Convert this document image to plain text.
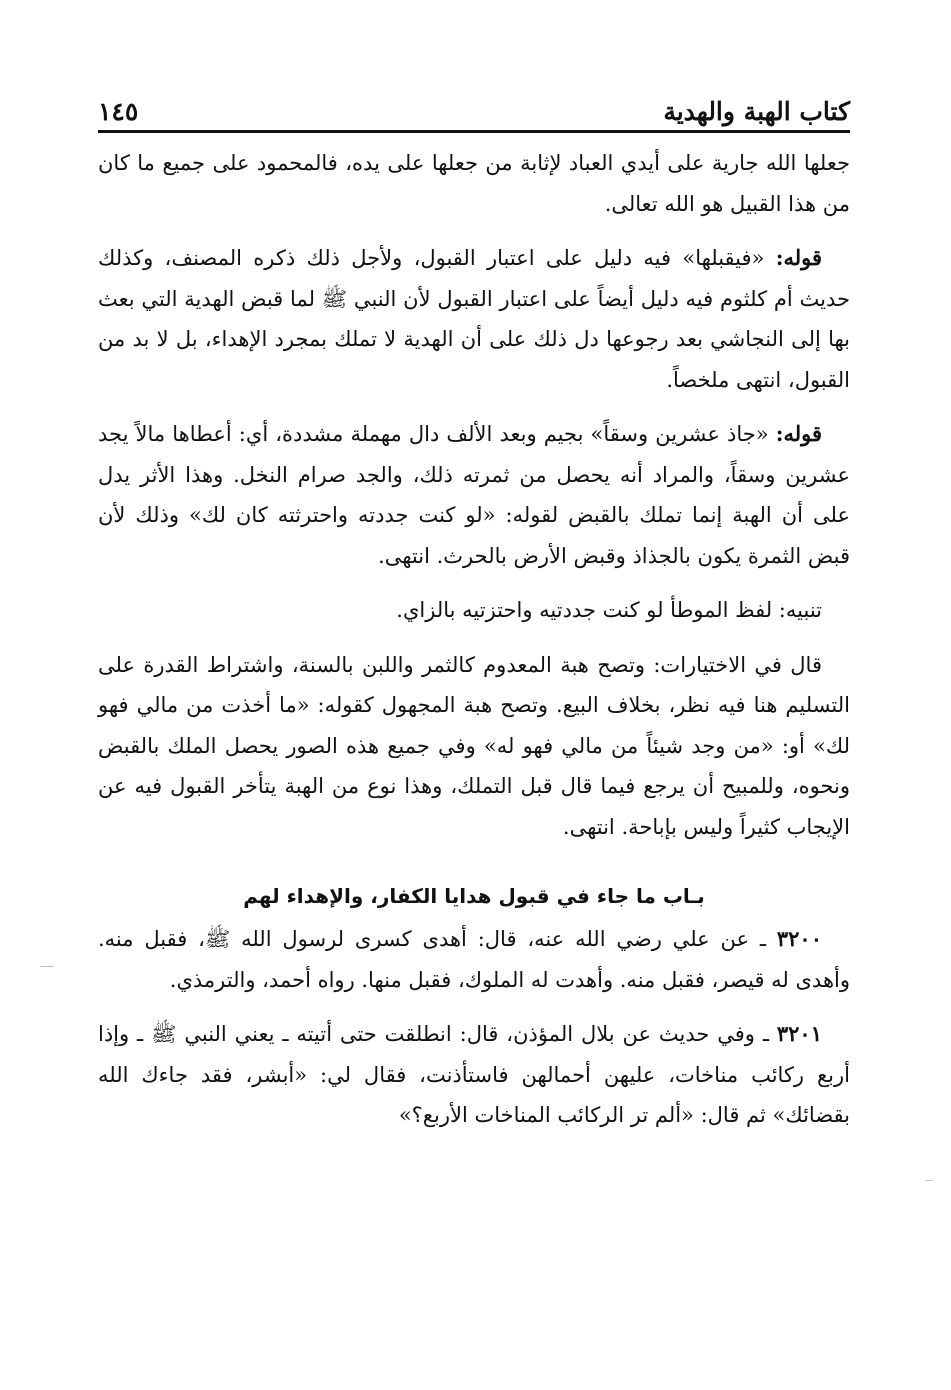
كتاب الهبة والهدية
١٤٥

جعلها الله جارية على أيدي العباد لإثابة من جعلها على يده، فالمحمود على جميع ما كان من هذا القبيل هو الله تعالى.

قوله: «فيقبلها» فيه دليل على اعتبار القبول، ولأجل ذلك ذكره المصنف، وكذلك حديث أم كلثوم فيه دليل أيضاً على اعتبار القبول لأن النبي ﷺ لما قبض الهدية التي بعث بها إلى النجاشي بعد رجوعها دل ذلك على أن الهدية لا تملك بمجرد الإهداء، بل لا بد من القبول، انتهى ملخصاً.

قوله: «جاذ عشرين وسقاً» بجيم وبعد الألف دال مهملة مشددة، أي: أعطاها مالاً يجد عشرين وسقاً، والمراد أنه يحصل من ثمرته ذلك، والجد صرام النخل. وهذا الأثر يدل على أن الهبة إنما تملك بالقبض لقوله: «لو كنت جددته واحترثته كان لك» وذلك لأن قبض الثمرة يكون بالجذاذ وقبض الأرض بالحرث. انتهى.

تنبيه: لفظ الموطأ لو كنت جددتيه واحتزتيه بالزاي.

قال في الاختيارات: وتصح هبة المعدوم كالثمر واللبن بالسنة، واشتراط القدرة على التسليم هنا فيه نظر، بخلاف البيع. وتصح هبة المجهول كقوله: «ما أخذت من مالي فهو لك» أو: «من وجد شيئاً من مالي فهو له» وفي جميع هذه الصور يحصل الملك بالقبض ونحوه، وللمبيح أن يرجع فيما قال قبل التملك، وهذا نوع من الهبة يتأخر القبول فيه عن الإيجاب كثيراً وليس بإباحة. انتهى.

بـاب ما جاء في قبول هدايا الكفار، والإهداء لهم

٣٢٠٠ ـ عن علي رضي الله عنه، قال: أهدى كسرى لرسول الله ﷺ، فقبل منه. وأهدى له قيصر، فقبل منه. وأهدت له الملوك، فقبل منها. رواه أحمد، والترمذي.

٣٢٠١ ـ وفي حديث عن بلال المؤذن، قال: انطلقت حتى أتيته ـ يعني النبي ﷺ ـ وإذا أربع ركائب مناخات، عليهن أحمالهن فاستأذنت، فقال لي: «أبشر، فقد جاءك الله بقضائك» ثم قال: «ألم تر الركائب المناخات الأربع؟»
